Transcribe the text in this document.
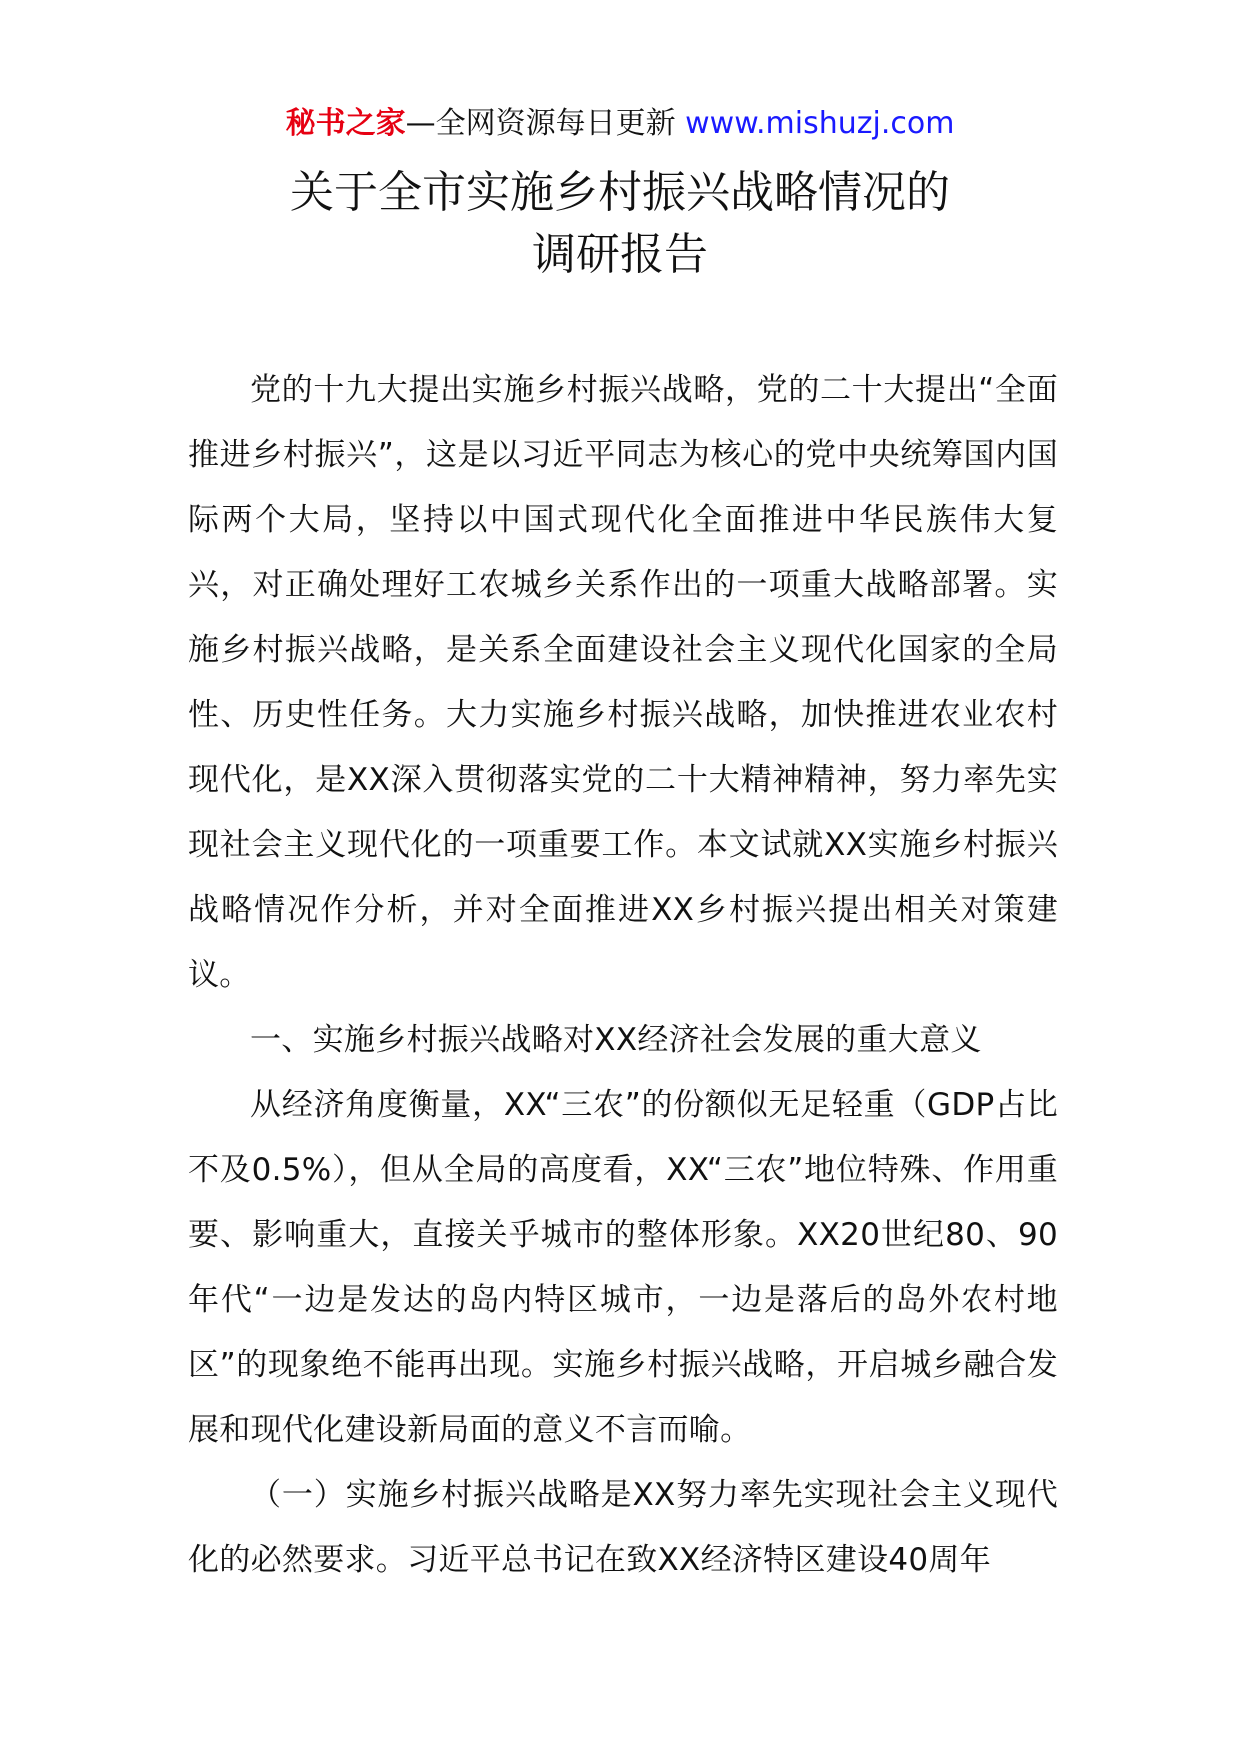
秘书之家—全网资源每日更新 www.mishuzj.com
关于全市实施乡村振兴战略情况的
调研报告

党的十九大提出实施乡村振兴战略，党的二十大提出“全面推进乡村振兴”，这是以习近平同志为核心的党中央统筹国内国际两个大局，坚持以中国式现代化全面推进中华民族伟大复兴，对正确处理好工农城乡关系作出的一项重大战略部署。实施乡村振兴战略，是关系全面建设社会主义现代化国家的全局性、历史性任务。大力实施乡村振兴战略，加快推进农业农村现代化，是XX深入贯彻落实党的二十大精神精神，努力率先实现社会主义现代化的一项重要工作。本文试就XX实施乡村振兴战略情况作分析，并对全面推进XX乡村振兴提出相关对策建议。

一、实施乡村振兴战略对XX经济社会发展的重大意义

从经济角度衡量，XX“三农”的份额似无足轻重（GDP占比不及0.5%），但从全局的高度看，XX“三农”地位特殊、作用重要、影响重大，直接关乎城市的整体形象。XX20世纪80、90年代“一边是发达的岛内特区城市，一边是落后的岛外农村地区”的现象绝不能再出现。实施乡村振兴战略，开启城乡融合发展和现代化建设新局面的意义不言而喻。

（一）实施乡村振兴战略是XX努力率先实现社会主义现代化的必然要求。习近平总书记在致XX经济特区建设40周年
